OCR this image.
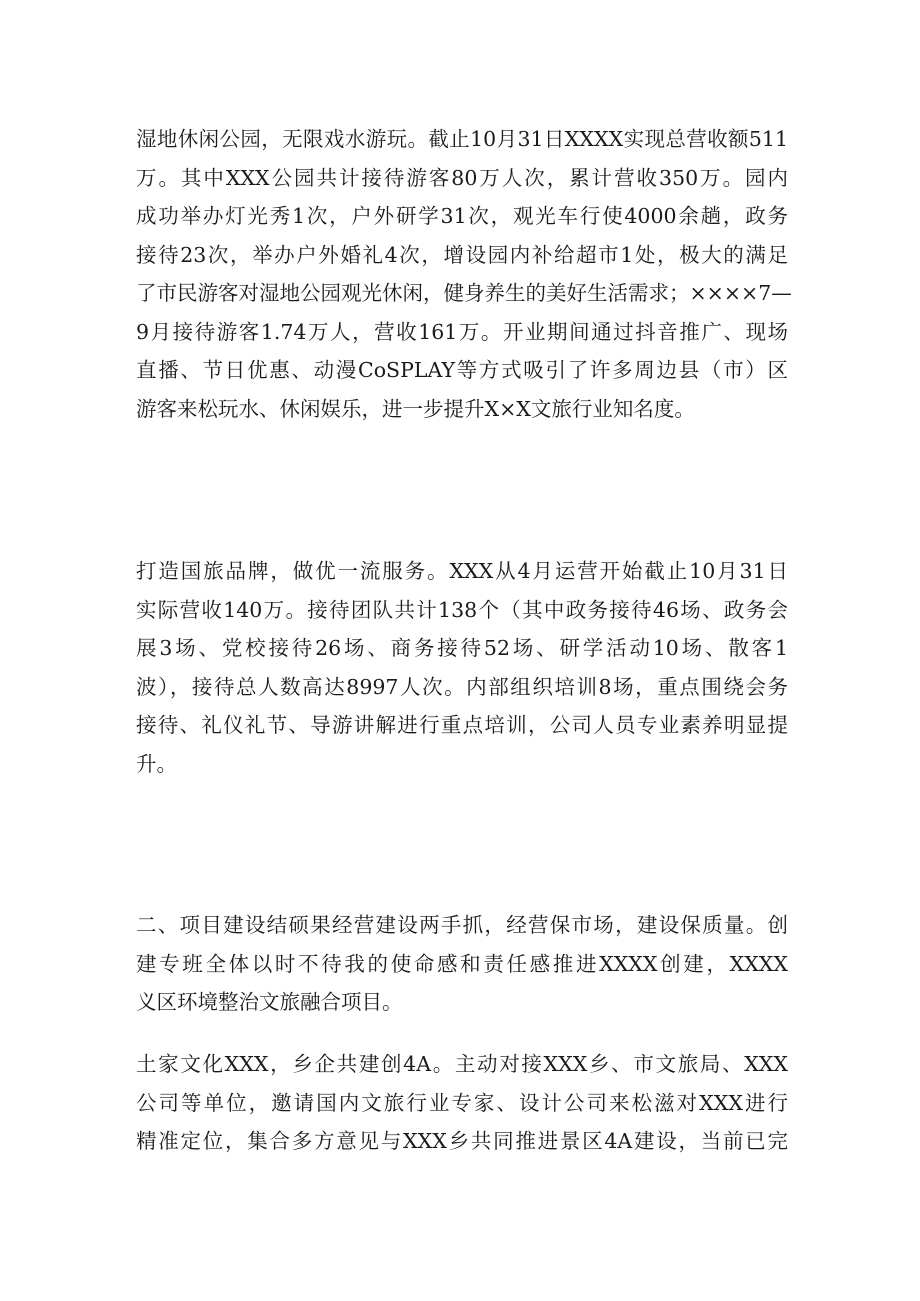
湿地休闲公园，无限戏水游玩。截止10月31日XXXX实现总营收额511
万。其中XXX公园共计接待游客80万人次，累计营收350万。园内
成功举办灯光秀1次，户外研学31次，观光车行使4000余趟，政务
接待23次，举办户外婚礼4次，增设园内补给超市1处，极大的满足
了市民游客对湿地公园观光休闲，健身养生的美好生活需求；××××7—
9月接待游客1.74万人，营收161万。开业期间通过抖音推广、现场
直播、节日优惠、动漫CoSPLAY等方式吸引了许多周边县（市）区
游客来松玩水、休闲娱乐，进一步提升X×X文旅行业知名度。
打造国旅品牌，做优一流服务。XXX从4月运营开始截止10月31日
实际营收140万。接待团队共计138个（其中政务接待46场、政务会
展3场、党校接待26场、商务接待52场、研学活动10场、散客1
波），接待总人数高达8997人次。内部组织培训8场，重点围绕会务
接待、礼仪礼节、导游讲解进行重点培训，公司人员专业素养明显提
升。
二、项目建设结硕果经营建设两手抓，经营保市场，建设保质量。创
建专班全体以时不待我的使命感和责任感推进XXXX创建，XXXX
义区环境整治文旅融合项目。
土家文化XXX，乡企共建创4A。主动对接XXX乡、市文旅局、XXX
公司等单位，邀请国内文旅行业专家、设计公司来松滋对XXX进行
精准定位，集合多方意见与XXX乡共同推进景区4A建设，当前已完
